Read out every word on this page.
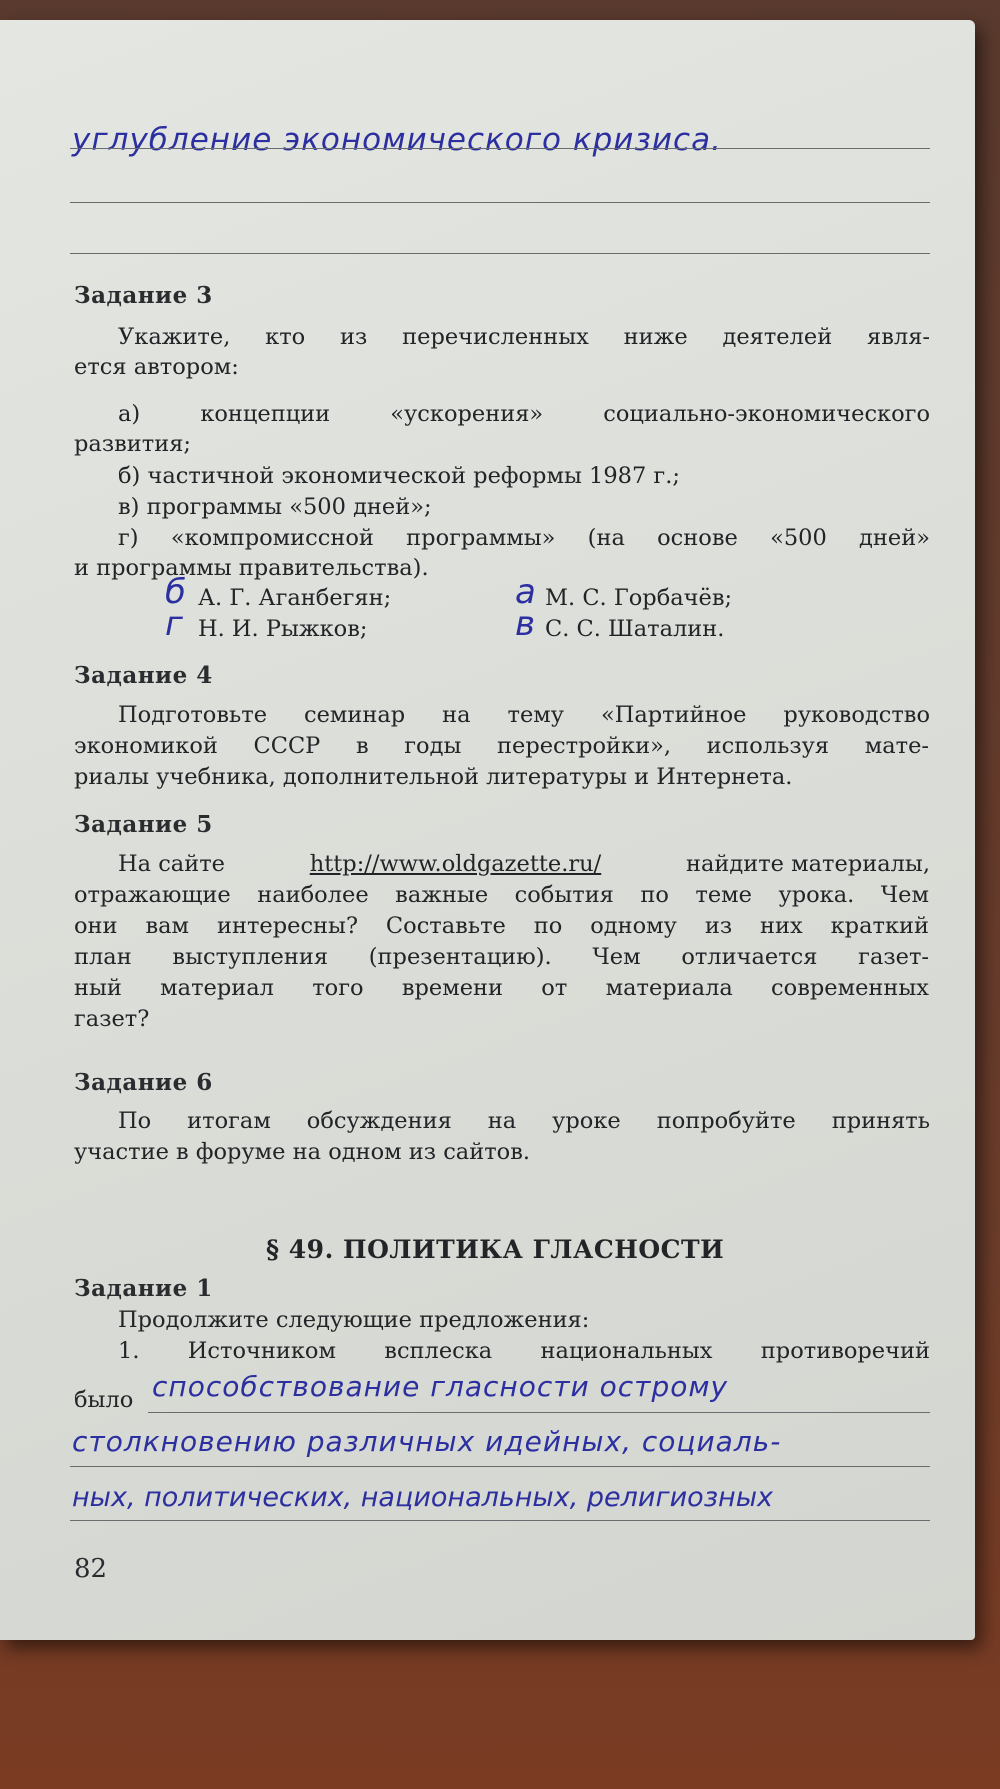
углубление экономического кризиса.
Задание 3
Укажите, кто из перечисленных ниже деятелей явля-
ется автором:
а) концепции «ускорения» социально-экономического
развития;
б) частичной экономической реформы 1987 г.;
в) программы «500 дней»;
г) «компромиссной программы» (на основе «500 дней»
и программы правительства).
б А. Г. Аганбегян;	а М. С. Горбачёв;
г Н. И. Рыжков;	в С. С. Шаталин.
Задание 4
Подготовьте семинар на тему «Партийное руководство
экономикой СССР в годы перестройки», используя мате-
риалы учебника, дополнительной литературы и Интернета.
Задание 5
На сайте	http://www.oldgazette.ru/	найдите материалы,
отражающие наиболее важные события по теме урока. Чем
они вам интересны? Составьте по одному из них краткий
план выступления (презентацию). Чем отличается газет-
ный материал того времени от материала современных
газет?
Задание 6
По итогам обсуждения на уроке попробуйте принять
участие в форуме на одном из сайтов.
§ 49. ПОЛИТИКА ГЛАСНОСТИ
Задание 1
Продолжите следующие предложения:
1. Источником всплеска национальных противоречий
было способствование гласности острому
столкновению различных идейных, социаль-
ных, политических, национальных, религиозных
82
